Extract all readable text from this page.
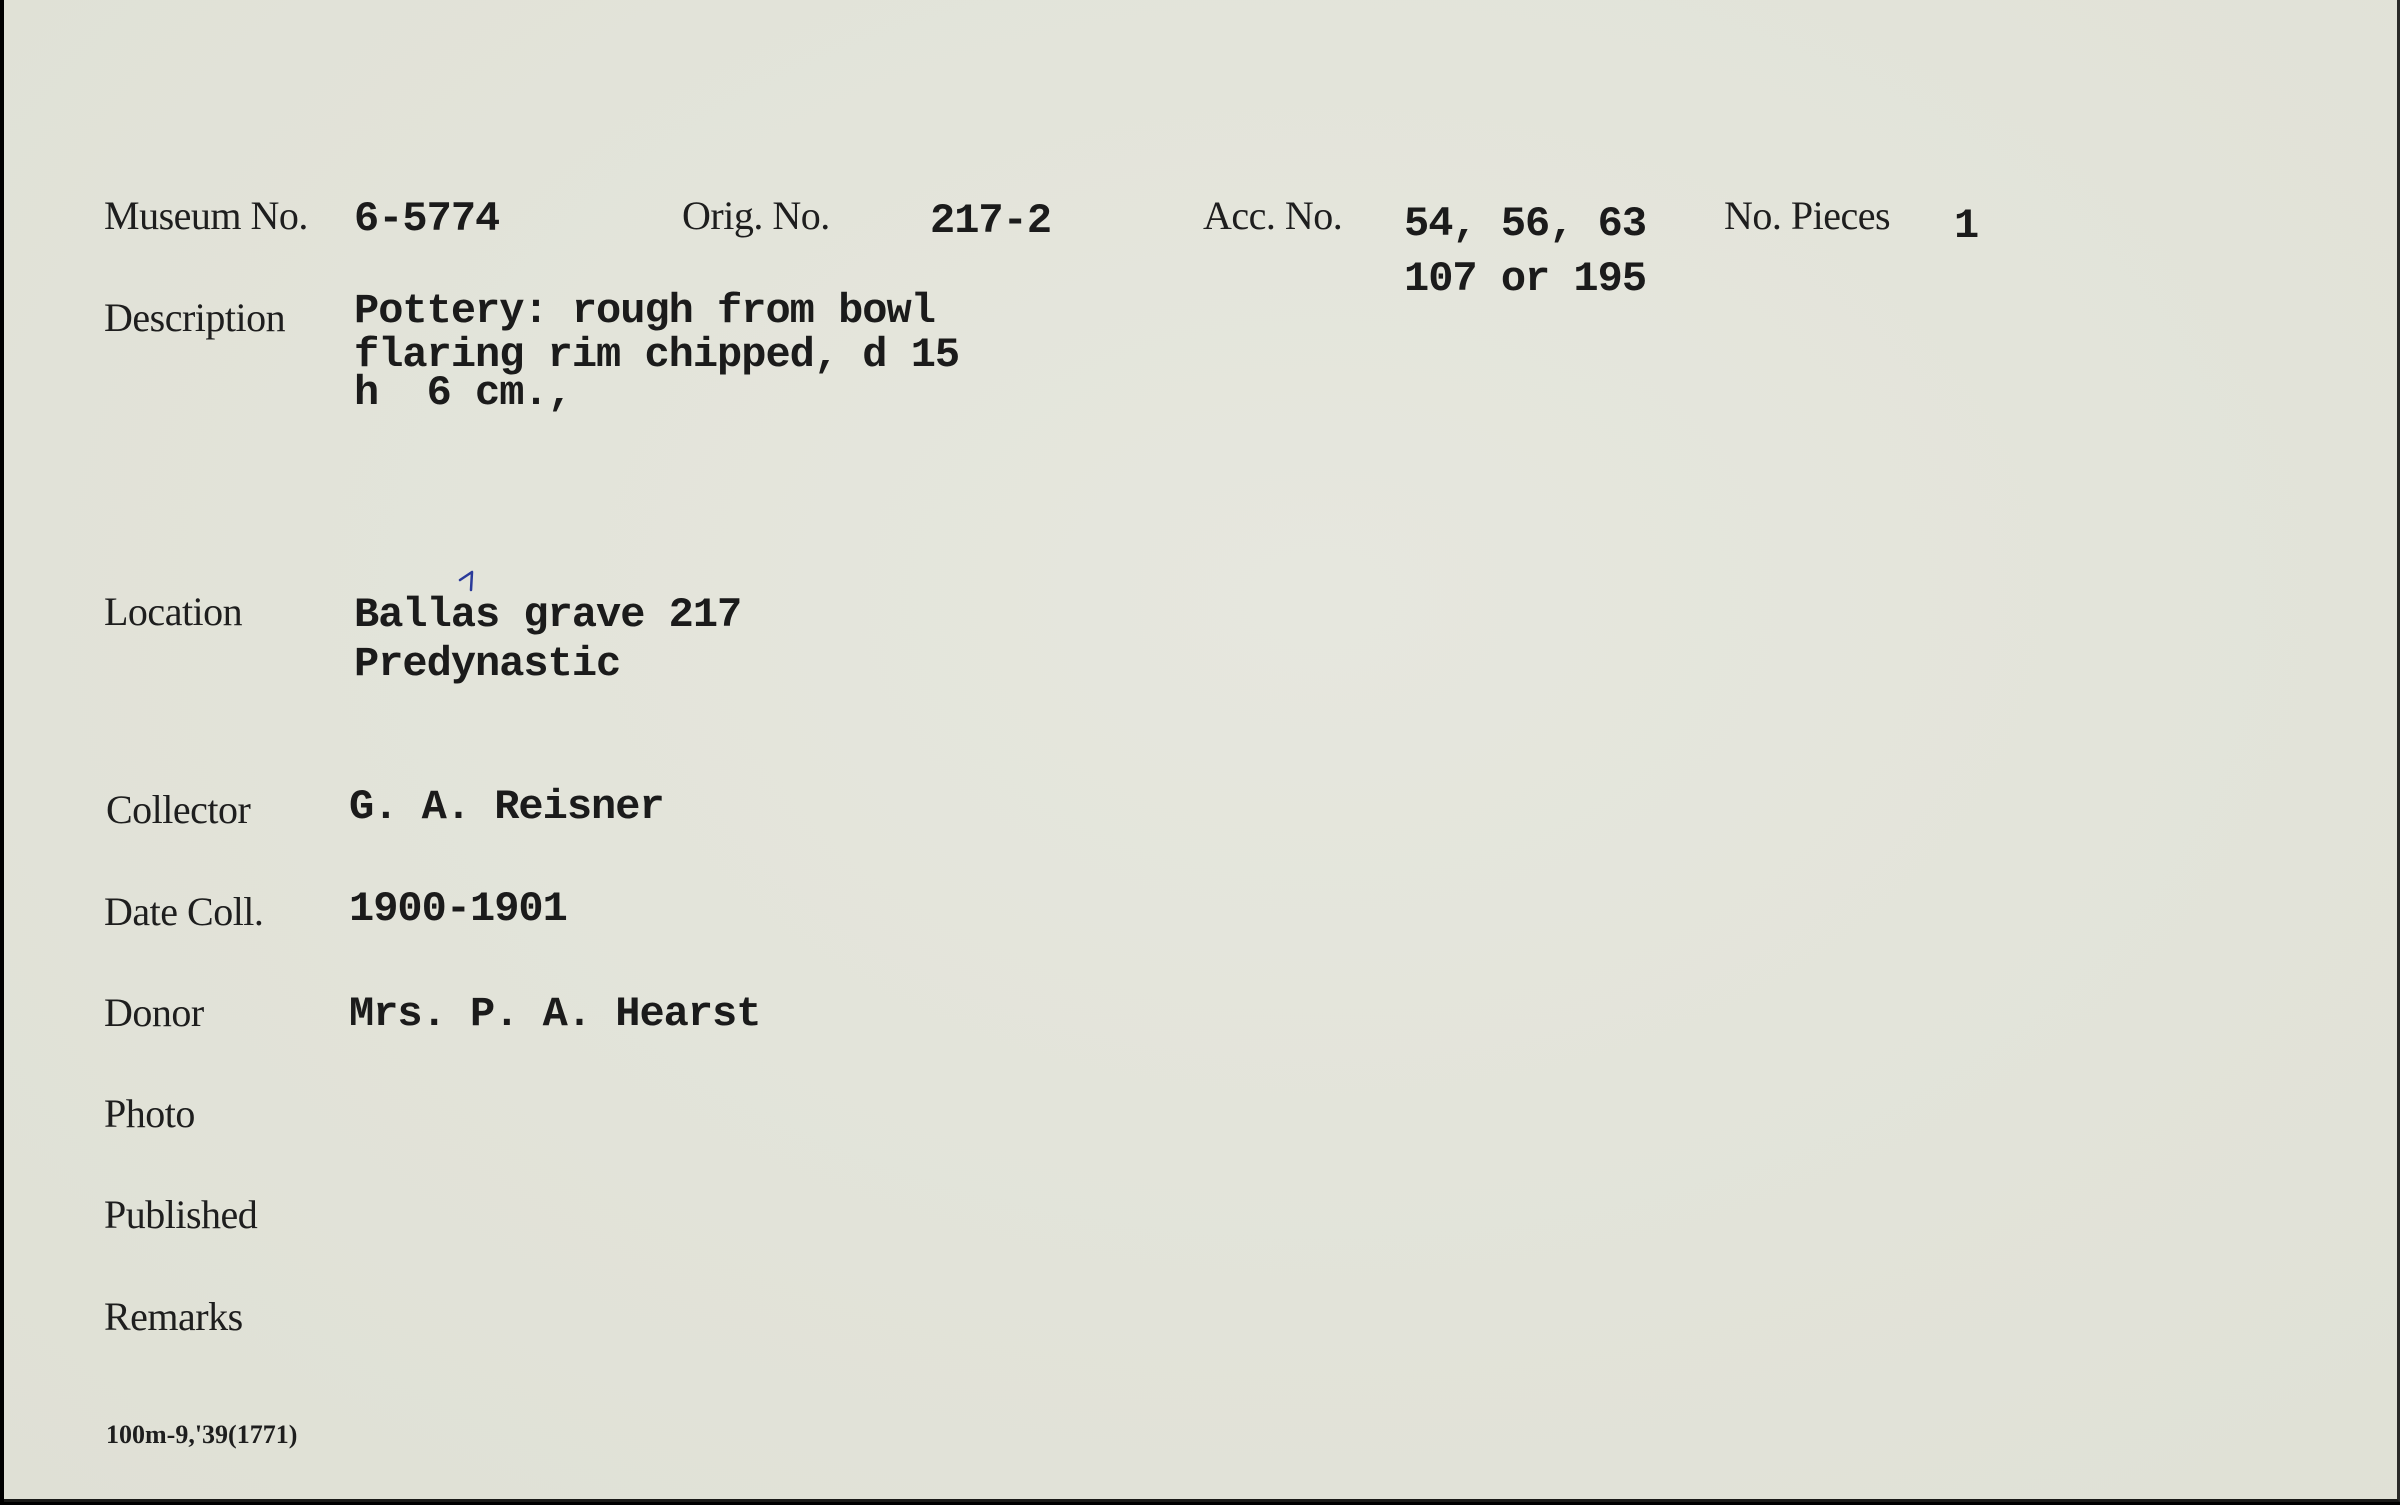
Museum No. 6-5774	Orig. No. 217-2	Acc. No. 54, 56, 63
107 or 195
No. Pieces 1
Description Pottery: rough from bowl
flaring rim chipped, d 15
h  6 cm.,
Location	Ballas grave 217
Predynastic
Collector G. A. Reisner
Date Coll. 1900-1901
Donor	Mrs. P. A. Hearst
Photo
Published
Remarks
100m-9,'39(1771)
